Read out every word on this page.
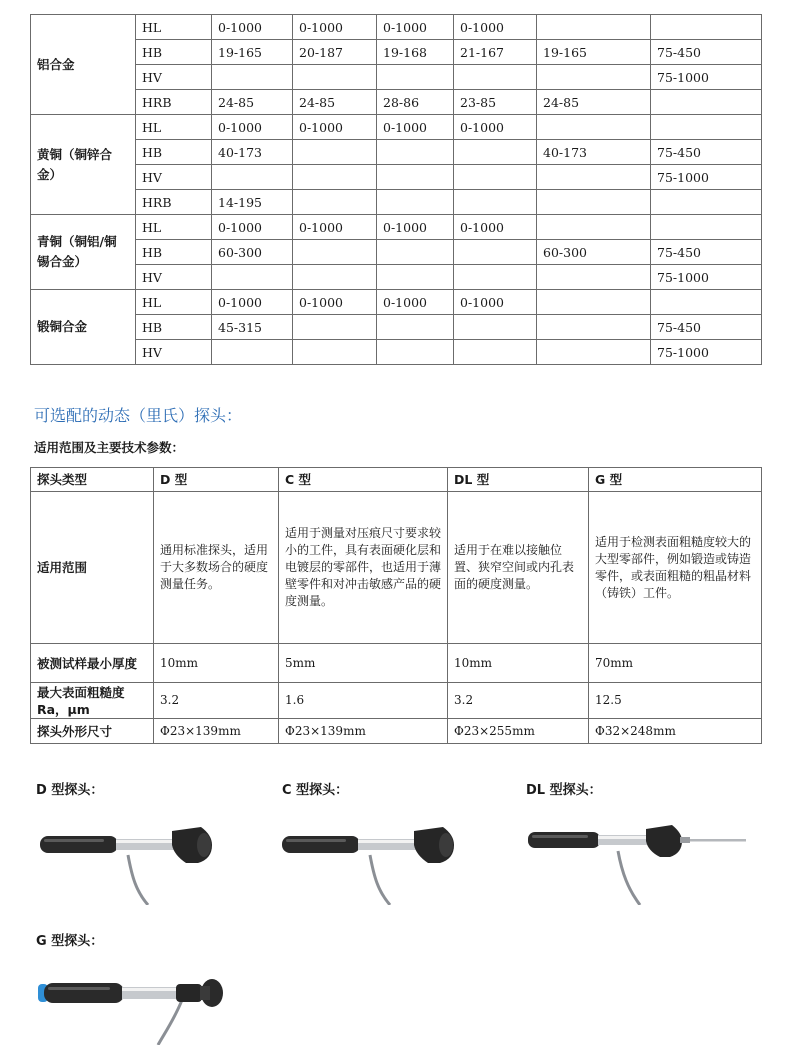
铝合金	HL	0-1000	0-1000	0-1000	0-1000		
	HB	19-165	20-187	19-168	21-167	19-165	75-450
	HV						75-1000
	HRB	24-85	24-85	28-86	23-85	24-85	
黄铜（铜锌合金）	HL	0-1000	0-1000	0-1000	0-1000		
	HB	40-173				40-173	75-450
	HV						75-1000
	HRB	14-195					
青铜（铜铝/铜锡合金）	HL	0-1000	0-1000	0-1000	0-1000		
	HB	60-300				60-300	75-450
	HV						75-1000
锻铜合金	HL	0-1000	0-1000	0-1000	0-1000		
	HB	45-315					75-450
	HV						75-1000
可选配的动态（里氏）探头：

适用范围及主要技术参数：

探头类型	D 型	C 型	DL 型	G 型
适用范围	通用标准探头，适用于大多数场合的硬度测量任务。	适用于测量对压痕尺寸要求较小的工件，具有表面硬化层和电镀层的零部件，也适用于薄壁零件和对冲击敏感产品的硬度测量。	适用于在难以接触位置、狭窄空间或内孔表面的硬度测量。	适用于检测表面粗糙度较大的大型零部件，例如锻造或铸造零件，或表面粗糙的粗晶材料（铸铁）工件。
被测试样最小厚度	10mm	5mm	10mm	70mm
最大表面粗糙度 Ra，μm	3.2	1.6	3.2	12.5
探头外形尺寸	Φ23×139mm	Φ23×139mm	Φ23×255mm	Φ32×248mm

D 型探头：	C 型探头：	DL 型探头：

G 型探头：
